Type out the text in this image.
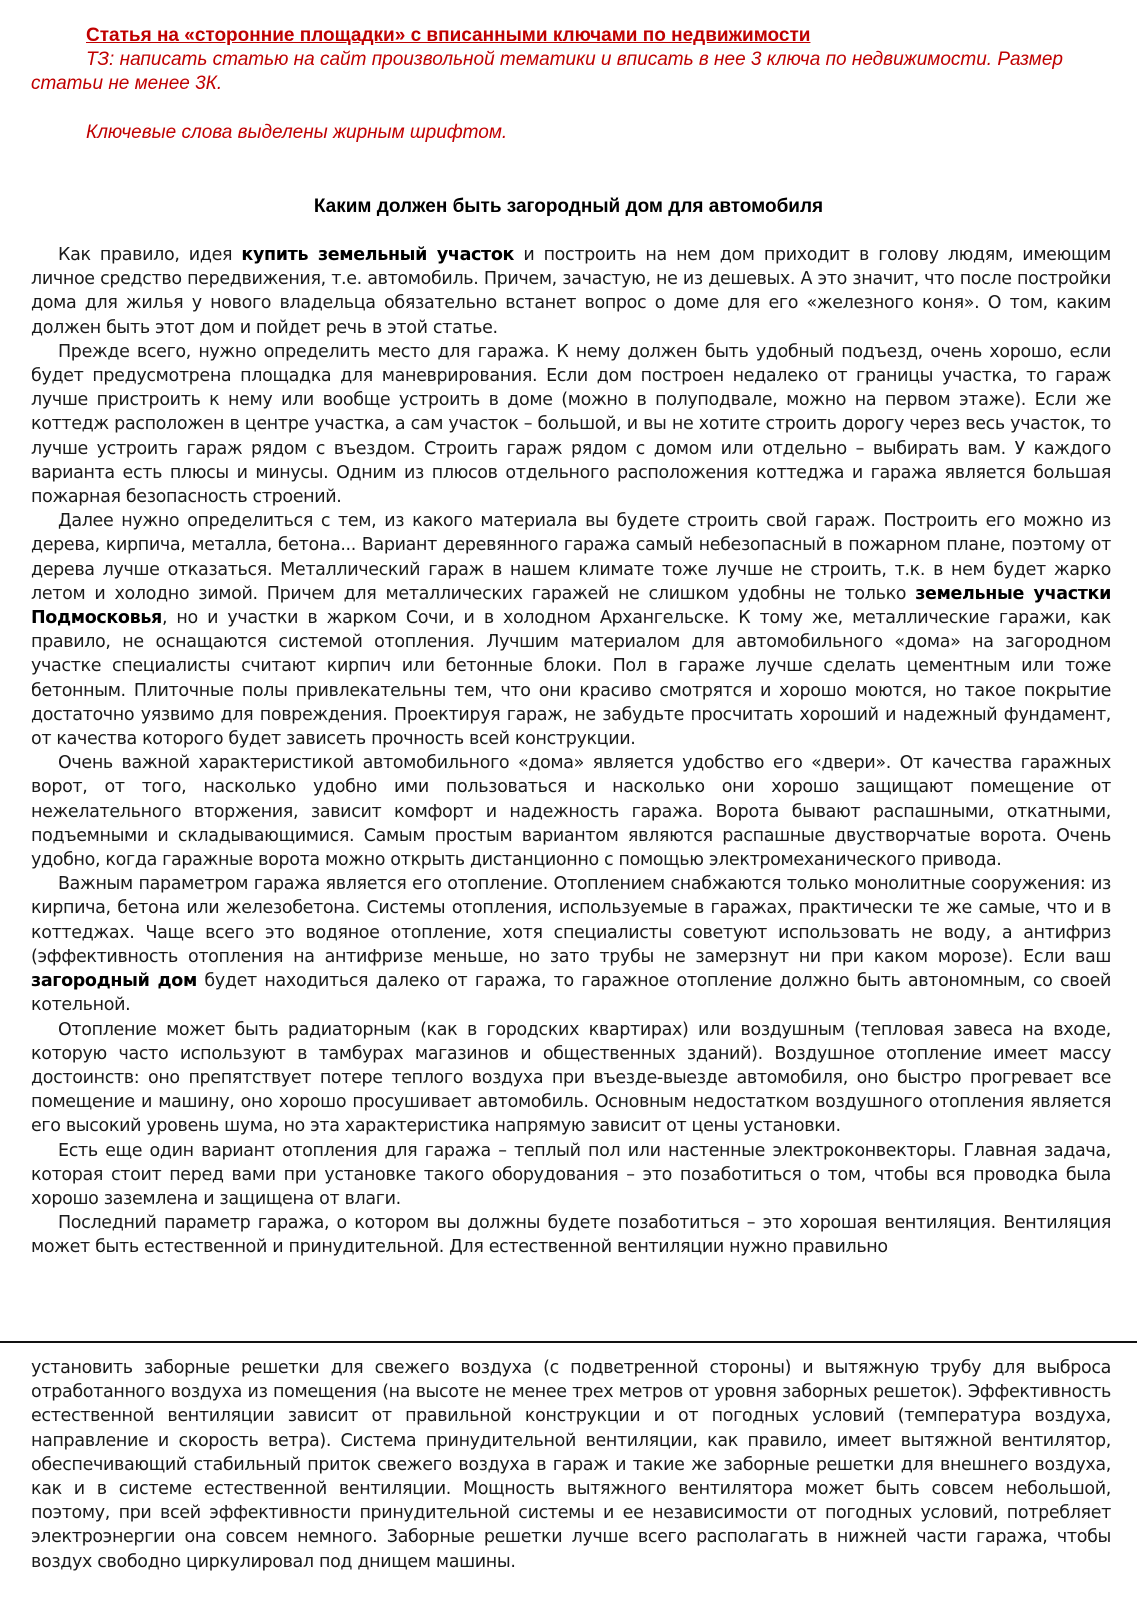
Статья на «сторонние площадки» с вписанными ключами по недвижимости
ТЗ: написать статью на сайт произвольной тематики и вписать в нее 3 ключа по недвижимости. Размер статьи не менее 3К.
Ключевые слова выделены жирным шрифтом.
Каким должен быть загородный дом для автомобиля

Как правило, идея купить земельный участок и построить на нем дом приходит в голову людям, имеющим личное средство передвижения, т.е. автомобиль. Причем, зачастую, не из дешевых. А это значит, что после постройки дома для жилья у нового владельца обязательно встанет вопрос о доме для его «железного коня». О том, каким должен быть этот дом и пойдет речь в этой статье.

Прежде всего, нужно определить место для гаража. К нему должен быть удобный подъезд, очень хорошо, если будет предусмотрена площадка для маневрирования. Если дом построен недалеко от границы участка, то гараж лучше пристроить к нему или вообще устроить в доме (можно в полуподвале, можно на первом этаже). Если же коттедж расположен в центре участка, а сам участок – большой, и вы не хотите строить дорогу через весь участок, то лучше устроить гараж рядом с въездом. Строить гараж рядом с домом или отдельно – выбирать вам. У каждого варианта есть плюсы и минусы. Одним из плюсов отдельного расположения коттеджа и гаража является большая пожарная безопасность строений.

Далее нужно определиться с тем, из какого материала вы будете строить свой гараж. Построить его можно из дерева, кирпича, металла, бетона... Вариант деревянного гаража самый небезопасный в пожарном плане, поэтому от дерева лучше отказаться. Металлический гараж в нашем климате тоже лучше не строить, т.к. в нем будет жарко летом и холодно зимой. Причем для металлических гаражей не слишком удобны не только земельные участки Подмосковья, но и участки в жарком Сочи, и в холодном Архангельске. К тому же, металлические гаражи, как правило, не оснащаются системой отопления. Лучшим материалом для автомобильного «дома» на загородном участке специалисты считают кирпич или бетонные блоки. Пол в гараже лучше сделать цементным или тоже бетонным. Плиточные полы привлекательны тем, что они красиво смотрятся и хорошо моются, но такое покрытие достаточно уязвимо для повреждения. Проектируя гараж, не забудьте просчитать хороший и надежный фундамент, от качества которого будет зависеть прочность всей конструкции.

Очень важной характеристикой автомобильного «дома» является удобство его «двери». От качества гаражных ворот, от того, насколько удобно ими пользоваться и насколько они хорошо защищают помещение от нежелательного вторжения, зависит комфорт и надежность гаража. Ворота бывают распашными, откатными, подъемными и складывающимися. Самым простым вариантом являются распашные двустворчатые ворота. Очень удобно, когда гаражные ворота можно открыть дистанционно с помощью электромеханического привода.

Важным параметром гаража является его отопление. Отоплением снабжаются только монолитные сооружения: из кирпича, бетона или железобетона. Системы отопления, используемые в гаражах, практически те же самые, что и в коттеджах. Чаще всего это водяное отопление, хотя специалисты советуют использовать не воду, а антифриз (эффективность отопления на антифризе меньше, но зато трубы не замерзнут ни при каком морозе). Если ваш загородный дом будет находиться далеко от гаража, то гаражное отопление должно быть автономным, со своей котельной.

Отопление может быть радиаторным (как в городских квартирах) или воздушным (тепловая завеса на входе, которую часто используют в тамбурах магазинов и общественных зданий). Воздушное отопление имеет массу достоинств: оно препятствует потере теплого воздуха при въезде-выезде автомобиля, оно быстро прогревает все помещение и машину, оно хорошо просушивает автомобиль. Основным недостатком воздушного отопления является его высокий уровень шума, но эта характеристика напрямую зависит от цены установки.

Есть еще один вариант отопления для гаража – теплый пол или настенные электроконвекторы. Главная задача, которая стоит перед вами при установке такого оборудования – это позаботиться о том, чтобы вся проводка была хорошо заземлена и защищена от влаги.

Последний параметр гаража, о котором вы должны будете позаботиться – это хорошая вентиляция. Вентиляция может быть естественной и принудительной. Для естественной вентиляции нужно правильно

установить заборные решетки для свежего воздуха (с подветренной стороны) и вытяжную трубу для выброса отработанного воздуха из помещения (на высоте не менее трех метров от уровня заборных решеток). Эффективность естественной вентиляции зависит от правильной конструкции и от погодных условий (температура воздуха, направление и скорость ветра). Система принудительной вентиляции, как правило, имеет вытяжной вентилятор, обеспечивающий стабильный приток свежего воздуха в гараж и такие же заборные решетки для внешнего воздуха, как и в системе естественной вентиляции. Мощность вытяжного вентилятора может быть совсем небольшой, поэтому, при всей эффективности принудительной системы и ее независимости от погодных условий, потребляет электроэнергии она совсем немного. Заборные решетки лучше всего располагать в нижней части гаража, чтобы воздух свободно циркулировал под днищем машины.
